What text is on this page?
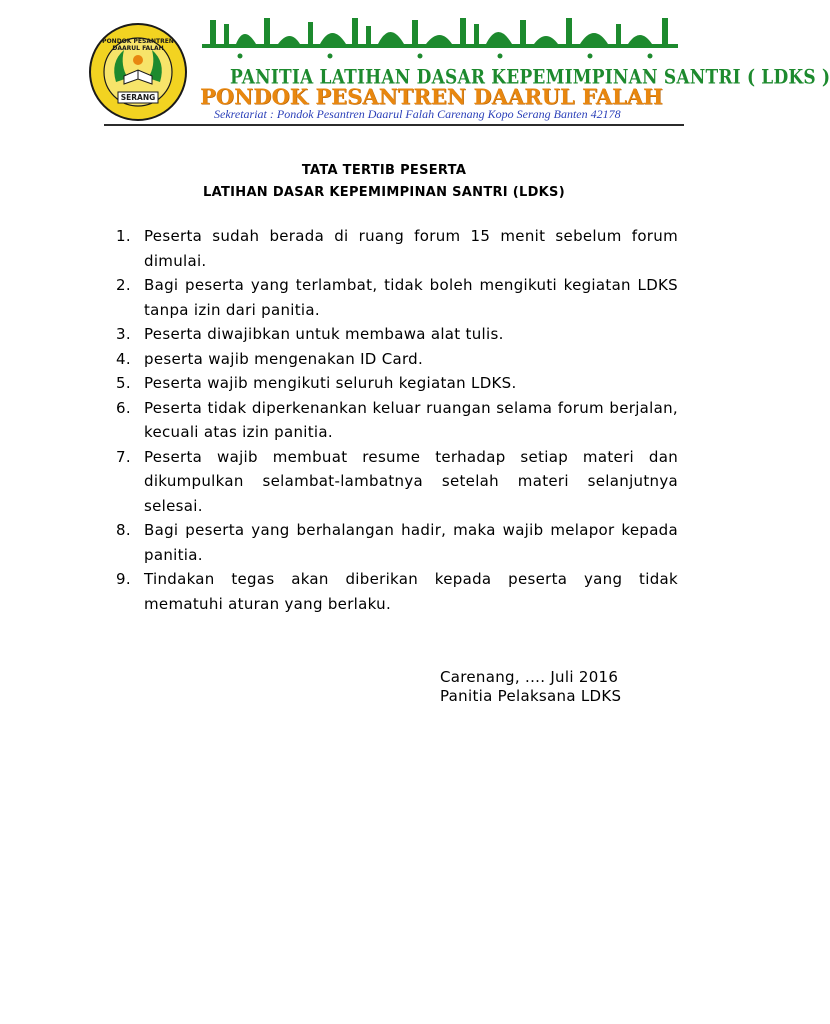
PONDOK PESANTREN DAARUL FALAH
SERANG
PANITIA LATIHAN DASAR KEPEMIMPINAN SANTRI ( LDKS )
PONDOK PESANTREN DAARUL FALAH
Sekretariat : Pondok Pesantren Daarul Falah Carenang Kopo Serang Banten 42178
TATA TERTIB PESERTA
LATIHAN DASAR KEPEMIMPINAN SANTRI (LDKS)
1. Peserta sudah berada di ruang forum 15 menit sebelum forum dimulai.
2. Bagi peserta yang terlambat, tidak boleh mengikuti kegiatan LDKS tanpa izin dari panitia.
3. Peserta diwajibkan untuk membawa alat tulis.
4. peserta wajib mengenakan ID Card.
5. Peserta wajib mengikuti seluruh kegiatan LDKS.
6. Peserta tidak diperkenankan keluar ruangan selama forum berjalan, kecuali atas izin panitia.
7. Peserta wajib membuat resume terhadap setiap materi dan dikumpulkan selambat-lambatnya setelah materi selanjutnya selesai.
8. Bagi peserta yang berhalangan hadir, maka wajib melapor kepada panitia.
9. Tindakan tegas akan diberikan kepada peserta yang tidak mematuhi aturan yang berlaku.
Carenang, .... Juli 2016
Panitia Pelaksana LDKS
